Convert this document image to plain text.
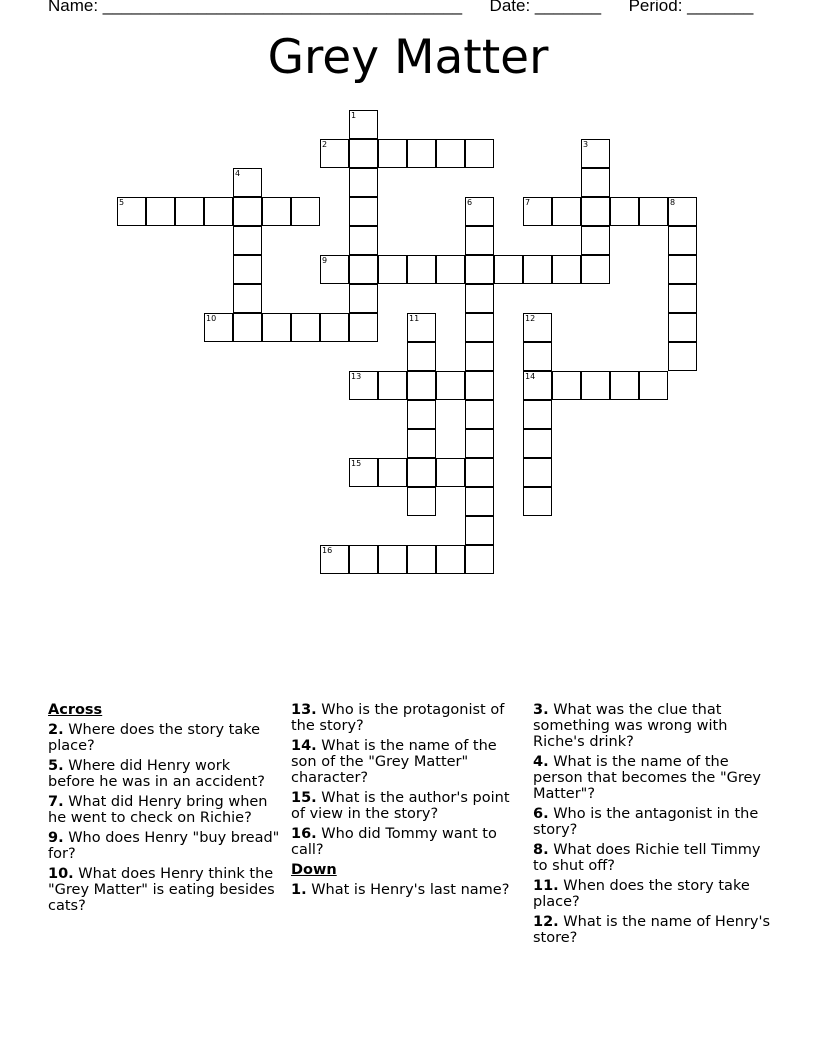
Name: ______________________________________ Date: _______ Period: _______
Grey Matter
2
5	7	8
9
10
13	14
15
16
1
3
4
6
11	12
Across
2. Where does the story take place?
5. Where did Henry work before he was in an accident?
7. What did Henry bring when he went to check on Richie?
9. Who does Henry "buy bread" for?
10. What does Henry think the "Grey Matter" is eating besides cats?
13. Who is the protagonist of the story?
14. What is the name of the son of the "Grey Matter" character?
15. What is the author's point of view in the story?
16. Who did Tommy want to call?
Down
1. What is Henry's last name?
3. What was the clue that something was wrong with Riche's drink?
4. What is the name of the person that becomes the "Grey Matter"?
6. Who is the antagonist in the story?
8. What does Richie tell Timmy to shut off?
11. When does the story take place?
12. What is the name of Henry's store?
